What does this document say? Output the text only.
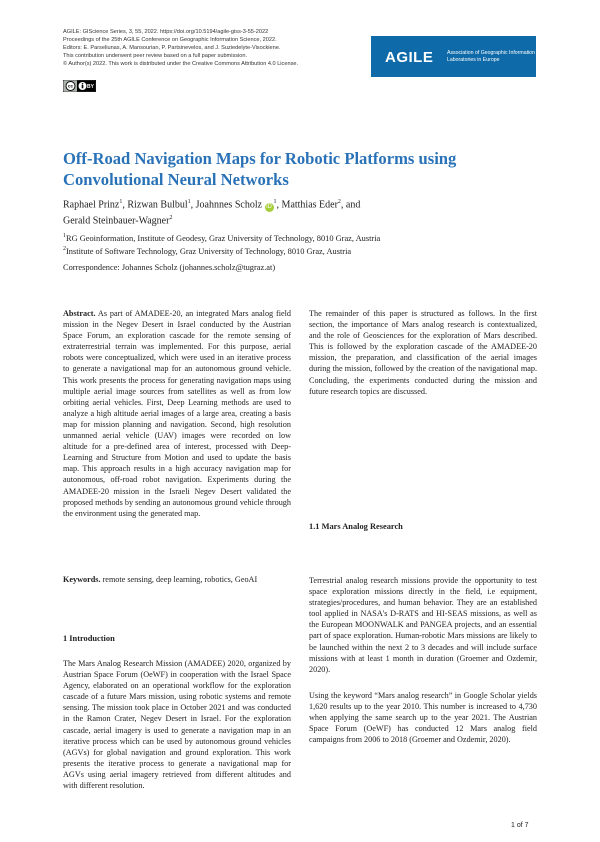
AGILE: GIScience Series, 3, 55, 2022. https://doi.org/10.5194/agile-giss-3-55-2022
Proceedings of the 25th AGILE Conference on Geographic Information Science, 2022.
Editors: E. Parseliunas, A. Mansourian, P. Partsinevelos, and J. Suziedelyte-Visockiene.
This contribution underwent peer review based on a full paper submission.
© Author(s) 2022. This work is distributed under the Creative Commons Attribution 4.0 License.
cc	BY
AGILE	Association of Geographic Information
Laboratories in Europe
Off-Road Navigation Maps for Robotic Platforms using Convolutional Neural Networks
Raphael Prinz$^1$, Rizwan Bulbul$^1$, Joahnnes Scholz $iD^1$, Matthias Eder$^2$, and
Gerald Steinbauer-Wagner$^2$
$^1$RG Geoinformation, Institute of Geodesy, Graz University of Technology, 8010 Graz, Austria
$^2$Institute of Software Technology, Graz University of Technology, 8010 Graz, Austria
Correspondence: Johannes Scholz (johannes.scholz@tugraz.at)

Abstract. As part of AMADEE-20, an integrated Mars analog field mission in the Negev Desert in Israel conducted by the Austrian Space Forum, an exploration cascade for the remote sensing of extraterrestrial terrain was implemented. For this purpose, aerial robots were conceptualized, which were used in an iterative process to generate a navigational map for an autonomous ground vehicle. This work presents the process for generating navigation maps using multiple aerial image sources from satellites as well as from low orbiting aerial vehicles. First, Deep Learning methods are used to analyze a high altitude aerial images of a large area, creating a basis map for mission planning and navigation. Second, high resolution unmanned aerial vehicle (UAV) images were recorded on low altitude for a pre-defined area of interest, processed with Deep-Learning and Structure from Motion and used to update the basis map. This approach results in a high accuracy navigation map for autonomous, off-road robot navigation. Experiments during the AMADEE-20 mission in the Israeli Negev Desert validated the proposed methods by sending an autonomous ground vehicle through the environment using the generated map.

Keywords. remote sensing, deep learning, robotics, GeoAI

1 Introduction
The Mars Analog Research Mission (AMADEE) 2020, organized by Austrian Space Forum (OeWF) in cooperation with the Israel Space Agency, elaborated on an operational workflow for the exploration cascade of a future Mars mission, using robotic systems and remote sensing. The mission took place in October 2021 and was conducted in the Ramon Crater, Negev Desert in Israel. For the exploration cascade, aerial imagery is used to generate a navigation map in an iterative process which can be used by autonomous ground vehicles (AGVs) for global navigation and ground exploration. This work presents the iterative process to generate a navigational map for AGVs using aerial imagery retrieved from different altitudes and with different resolution.
The remainder of this paper is structured as follows. In the first section, the importance of Mars analog research is contextualized, and the role of Geosciences for the exploration of Mars described. This is followed by the exploration cascade of the AMADEE-20 mission, the preparation, and classification of the aerial images during the mission, followed by the creation of the navigational map. Concluding, the experiments conducted during the mission and future research topics are discussed.
1.1 Mars Analog Research
Terrestrial analog research missions provide the opportunity to test space exploration missions directly in the field, i.e equipment, strategies/procedures, and human behavior. They are an established tool applied in NASA's D-RATS and HI-SEAS missions, as well as the European MOONWALK and PANGEA projects, and an essential part of space exploration. Human-robotic Mars missions are likely to be launched within the next 2 to 3 decades and will include surface missions with at least 1 month in duration (Groemer and Ozdemir, 2020).
Using the keyword “Mars analog research” in Google Scholar yields 1,620 results up to the year 2010. This number is increased to 4,730 when applying the same search up to the year 2021. The Austrian Space Forum (OeWF) has conducted 12 Mars analog field campaigns from 2006 to 2018 (Groemer and Ozdemir, 2020).
1 of 7
